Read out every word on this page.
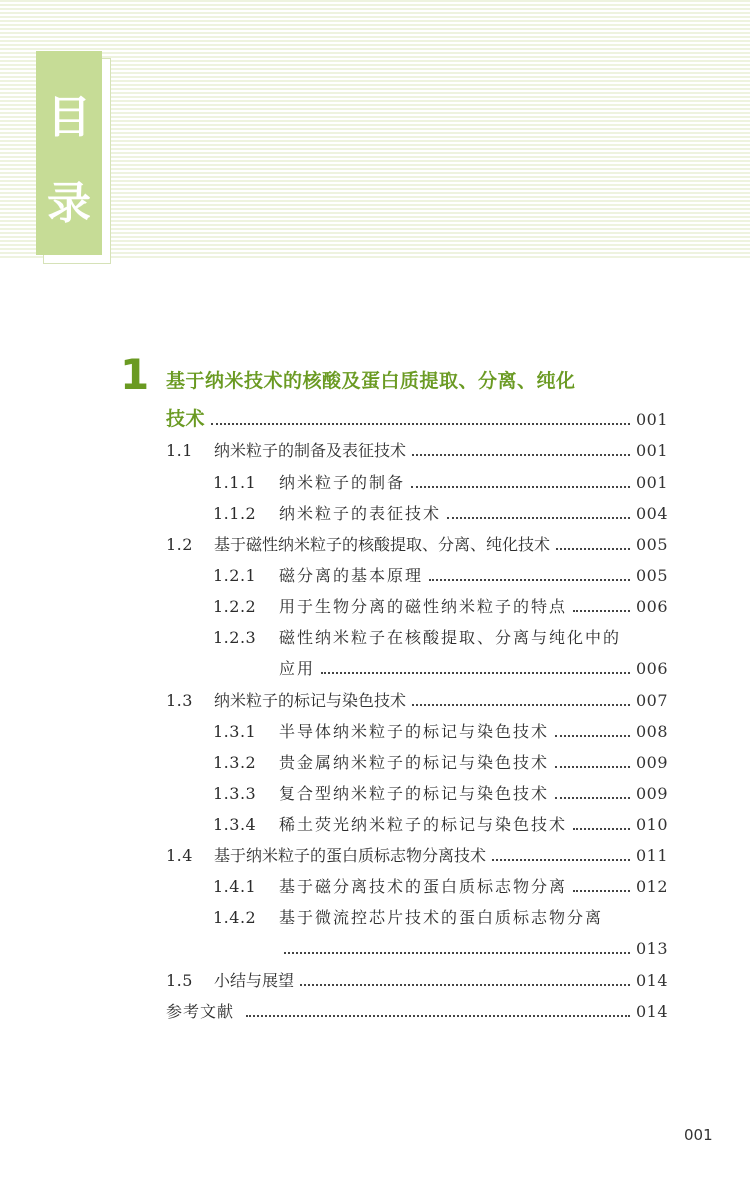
目
录
1 基于纳米技术的核酸及蛋白质提取、分离、纯化
技术	001
1.1	纳米粒子的制备及表征技术	001
1.1.1	纳米粒子的制备	001
1.1.2	纳米粒子的表征技术	004
1.2	基于磁性纳米粒子的核酸提取、分离、纯化技术	005
1.2.1	磁分离的基本原理	005
1.2.2	用于生物分离的磁性纳米粒子的特点	006
1.2.3 磁性纳米粒子在核酸提取、分离与纯化中的
应用	006
1.3	纳米粒子的标记与染色技术	007
1.3.1	半导体纳米粒子的标记与染色技术	008
1.3.2	贵金属纳米粒子的标记与染色技术	009
1.3.3	复合型纳米粒子的标记与染色技术	009
1.3.4	稀土荧光纳米粒子的标记与染色技术	010
1.4	基于纳米粒子的蛋白质标志物分离技术	011
1.4.1	基于磁分离技术的蛋白质标志物分离	012
1.4.2 基于微流控芯片技术的蛋白质标志物分离
013
1.5	小结与展望	014
参考文献	014
001
